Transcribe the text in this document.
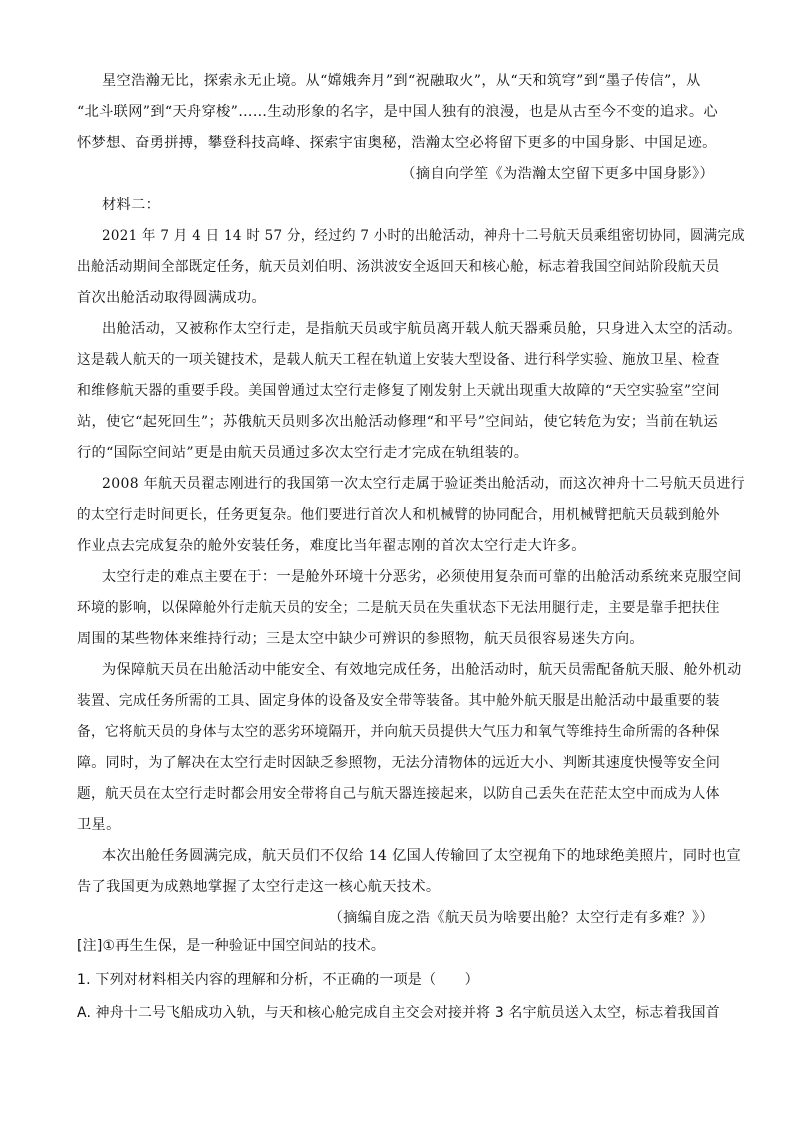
星空浩瀚无比，探索永无止境。从“嫦娥奔月”到“祝融取火”，从“天和筑穹”到“墨子传信”，从
“北斗联网”到“天舟穿梭”……生动形象的名字，是中国人独有的浪漫，也是从古至今不变的追求。心
怀梦想、奋勇拼搏，攀登科技高峰、探索宇宙奥秘，浩瀚太空必将留下更多的中国身影、中国足迹。
（摘自向学笙《为浩瀚太空留下更多中国身影》）
材料二：
2021 年 7 月 4 日 14 时 57 分，经过约 7 小时的出舱活动，神舟十二号航天员乘组密切协同，圆满完成
出舱活动期间全部既定任务，航天员刘伯明、汤洪波安全返回天和核心舱，标志着我国空间站阶段航天员
首次出舱活动取得圆满成功。
出舱活动，又被称作太空行走，是指航天员或宇航员离开载人航天器乘员舱，只身进入太空的活动。
这是载人航天的一项关键技术，是载人航天工程在轨道上安装大型设备、进行科学实验、施放卫星、检查
和维修航天器的重要手段。美国曾通过太空行走修复了刚发射上天就出现重大故障的“天空实验室”空间
站，使它“起死回生”；苏俄航天员则多次出舱活动修理“和平号”空间站，使它转危为安；当前在轨运
行的“国际空间站”更是由航天员通过多次太空行走才完成在轨组装的。
2008 年航天员翟志刚进行的我国第一次太空行走属于验证类出舱活动，而这次神舟十二号航天员进行
的太空行走时间更长，任务更复杂。他们要进行首次人和机械臂的协同配合，用机械臂把航天员载到舱外
作业点去完成复杂的舱外安装任务，难度比当年翟志刚的首次太空行走大许多。
太空行走的难点主要在于：一是舱外环境十分恶劣，必须使用复杂而可靠的出舱活动系统来克服空间
环境的影响，以保障舱外行走航天员的安全；二是航天员在失重状态下无法用腿行走，主要是靠手把扶住
周围的某些物体来维持行动；三是太空中缺少可辨识的参照物，航天员很容易迷失方向。
为保障航天员在出舱活动中能安全、有效地完成任务，出舱活动时，航天员需配备航天服、舱外机动
装置、完成任务所需的工具、固定身体的设备及安全带等装备。其中舱外航天服是出舱活动中最重要的装
备，它将航天员的身体与太空的恶劣环境隔开，并向航天员提供大气压力和氧气等维持生命所需的各种保
障。同时，为了解决在太空行走时因缺乏参照物，无法分清物体的远近大小、判断其速度快慢等安全问
题，航天员在太空行走时都会用安全带将自己与航天器连接起来，以防自己丢失在茫茫太空中而成为人体
卫星。
本次出舱任务圆满完成，航天员们不仅给 14 亿国人传输回了太空视角下的地球绝美照片，同时也宣
告了我国更为成熟地掌握了太空行走这一核心航天技术。
（摘编自庞之浩《航天员为啥要出舱？太空行走有多难？》）
[注]①再生生保，是一种验证中国空间站的技术。
1. 下列对材料相关内容的理解和分析，不正确的一项是（　　）
A. 神舟十二号飞船成功入轨，与天和核心舱完成自主交会对接并将 3 名宇航员送入太空，标志着我国首
